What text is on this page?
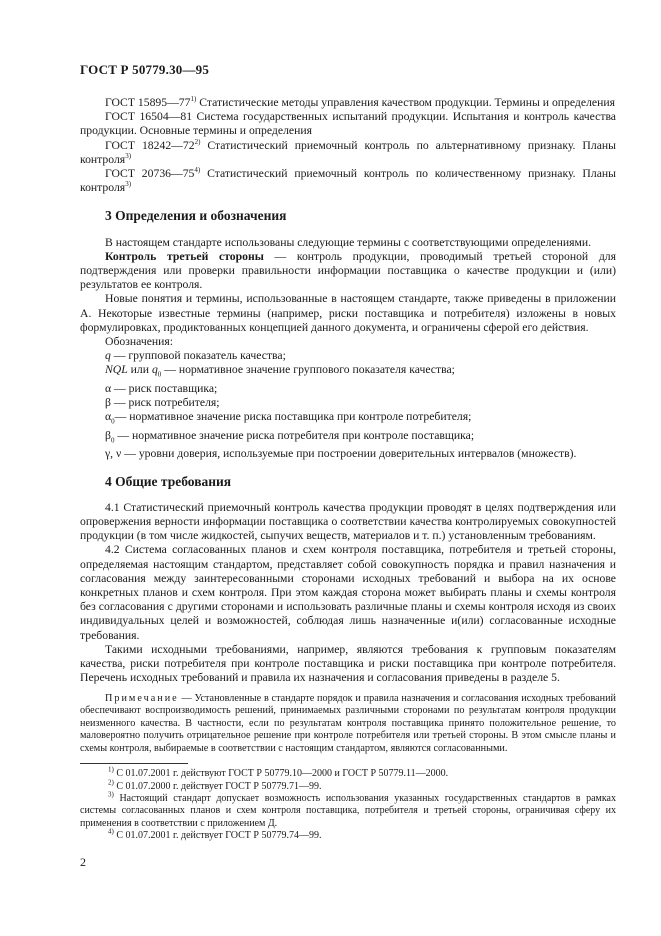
ГОСТ Р 50779.30—95

ГОСТ 15895—77$^{1)}$ Статистические методы управления качеством продукции. Термины и определения

ГОСТ 16504—81 Система государственных испытаний продукции. Испытания и контроль качества продукции. Основные термины и определения

ГОСТ 18242—72$^{2)}$ Статистический приемочный контроль по альтернативному признаку. Планы контроля$^{3)}$

ГОСТ 20736—75$^{4)}$ Статистический приемочный контроль по количественному признаку. Планы контроля$^{3)}$

3 Определения и обозначения

В настоящем стандарте использованы следующие термины с соответствующими определениями.

Контроль третьей стороны — контроль продукции, проводимый третьей стороной для подтверждения или проверки правильности информации поставщика о качестве продукции и (или) результатов ее контроля.

Новые понятия и термины, использованные в настоящем стандарте, также приведены в приложении А. Некоторые известные термины (например, риски поставщика и потребителя) изложены в новых формулировках, продиктованных концепцией данного документа, и ограничены сферой его действия.

Обозначения:

q — групповой показатель качества;

NQL или $q_0$ — нормативное значение группового показателя качества;

α — риск поставщика;

β — риск потребителя;

$\alpha_0—$ нормативное значение риска поставщика при контроле потребителя;

$\beta_0$ — нормативное значение риска потребителя при контроле поставщика;

γ, ν — уровни доверия, используемые при построении доверительных интервалов (множеств).

4 Общие требования

4.1 Статистический приемочный контроль качества продукции проводят в целях подтверждения или опровержения верности информации поставщика о соответствии качества контролируемых совокупностей продукции (в том числе жидкостей, сыпучих веществ, материалов и т. п.) установленным требованиям.

4.2 Система согласованных планов и схем контроля поставщика, потребителя и третьей стороны, определяемая настоящим стандартом, представляет собой совокупность порядка и правил назначения и согласования между заинтересованными сторонами исходных требований и выбора на их основе конкретных планов и схем контроля. При этом каждая сторона может выбирать планы и схемы контроля без согласования с другими сторонами и использовать различные планы и схемы контроля исходя из своих индивидуальных целей и возможностей, соблюдая лишь назначенные и(или) согласованные исходные требования.

Такими исходными требованиями, например, являются требования к групповым показателям качества, риски потребителя при контроле поставщика и риски поставщика при контроле потребителя. Перечень исходных требований и правила их назначения и согласования приведены в разделе 5.

Примечание — Установленные в стандарте порядок и правила назначения и согласования исходных требований обеспечивают воспроизводимость решений, принимаемых различными сторонами по результатам контроля продукции неизменного качества. В частности, если по результатам контроля поставщика принято положительное решение, то маловероятно получить отрицательное решение при контроле потребителя или третьей стороны. В этом смысле планы и схемы контроля, выбираемые в соответствии с настоящим стандартом, являются согласованными.

$^{1)}$ С 01.07.2001 г. действуют ГОСТ Р 50779.10—2000 и ГОСТ Р 50779.11—2000.

$^{2)}$ С 01.07.2000 г. действует ГОСТ Р 50779.71—99.

$^{3)}$ Настоящий стандарт допускает возможность использования указанных государственных стандартов в рамках системы согласованных планов и схем контроля поставщика, потребителя и третьей стороны, ограничивая сферу их применения в соответствии с приложением Д.

$^{4)}$ С 01.07.2001 г. действует ГОСТ Р 50779.74—99.

2
